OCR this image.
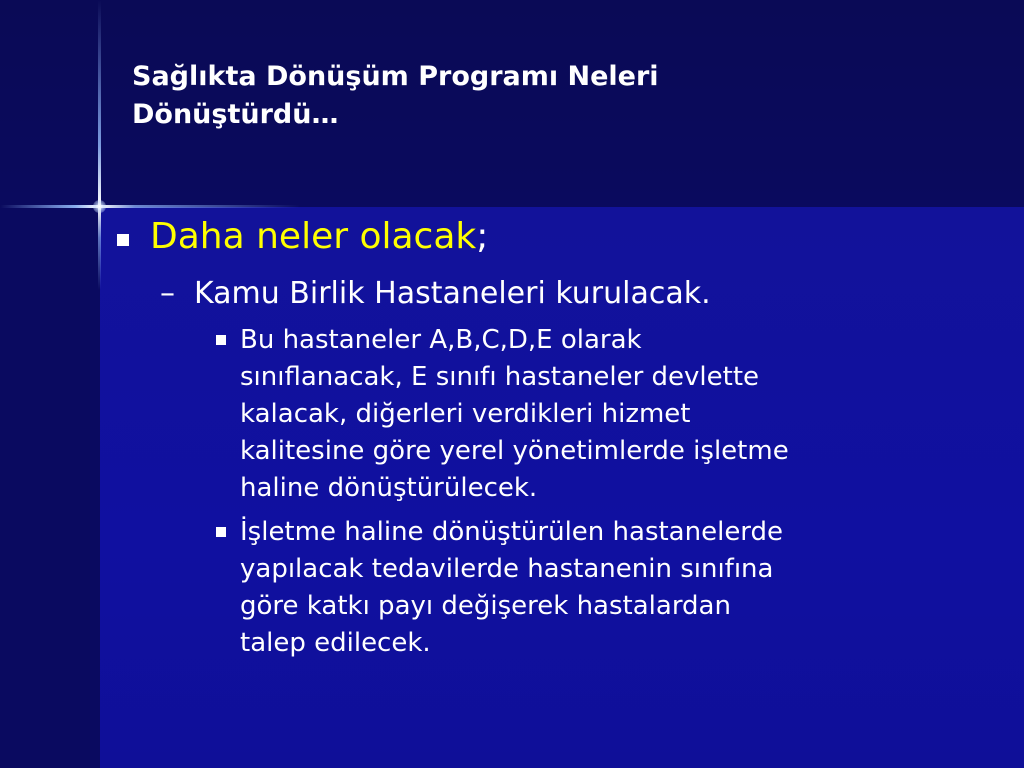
Sağlıkta Dönüşüm Programı Neleri
Dönüştürdü…
Daha neler olacak;
– Kamu Birlik Hastaneleri kurulacak.
Bu hastaneler A,B,C,D,E olarak
sınıflanacak, E sınıfı hastaneler devlette
kalacak, diğerleri verdikleri hizmet
kalitesine göre yerel yönetimlerde işletme
haline dönüştürülecek.
İşletme haline dönüştürülen hastanelerde
yapılacak tedavilerde hastanenin sınıfına
göre katkı payı değişerek hastalardan
talep edilecek.
